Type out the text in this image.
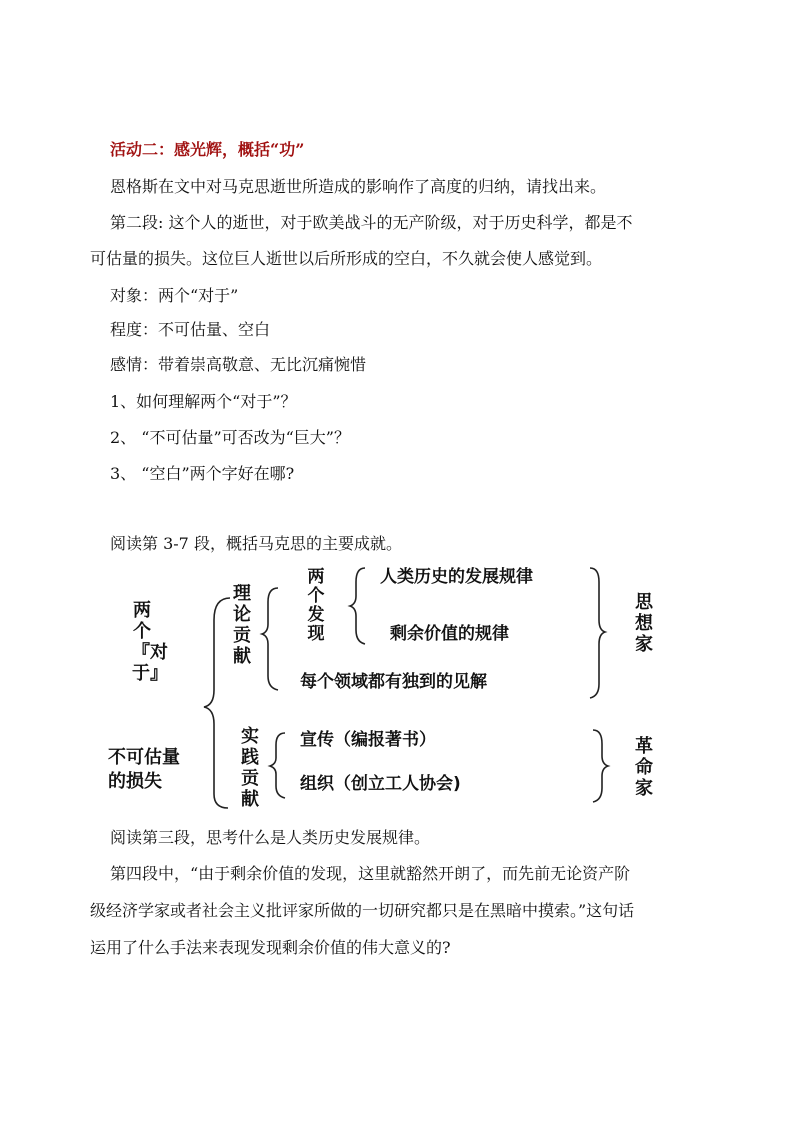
活动二：感光辉，概括“功”
恩格斯在文中对马克思逝世所造成的影响作了高度的归纳，请找出来。
第二段: 这个人的逝世，对于欧美战斗的无产阶级，对于历史科学，都是不
可估量的损失。这位巨人逝世以后所形成的空白，不久就会使人感觉到。
对象：两个“对于”
程度：不可估量、空白
感情：带着崇高敬意、无比沉痛惋惜
1、如何理解两个“对于”？
2、 “不可估量”可否改为“巨大”？
3、 “空白”两个字好在哪?
阅读第 3-7 段，概括马克思的主要成就。
两个『对于』
不可估量
的损失
理论贡献
两个发现
人类历史的发展规律
剩余价值的规律
每个领域都有独到的见解
思想家
实践贡献
宣传（编报著书）
组织（创立工人协会)
革命家
阅读第三段，思考什么是人类历史发展规律。
第四段中，“由于剩余价值的发现，这里就豁然开朗了，而先前无论资产阶
级经济学家或者社会主义批评家所做的一切研究都只是在黑暗中摸索。”这句话
运用了什么手法来表现发现剩余价值的伟大意义的?
